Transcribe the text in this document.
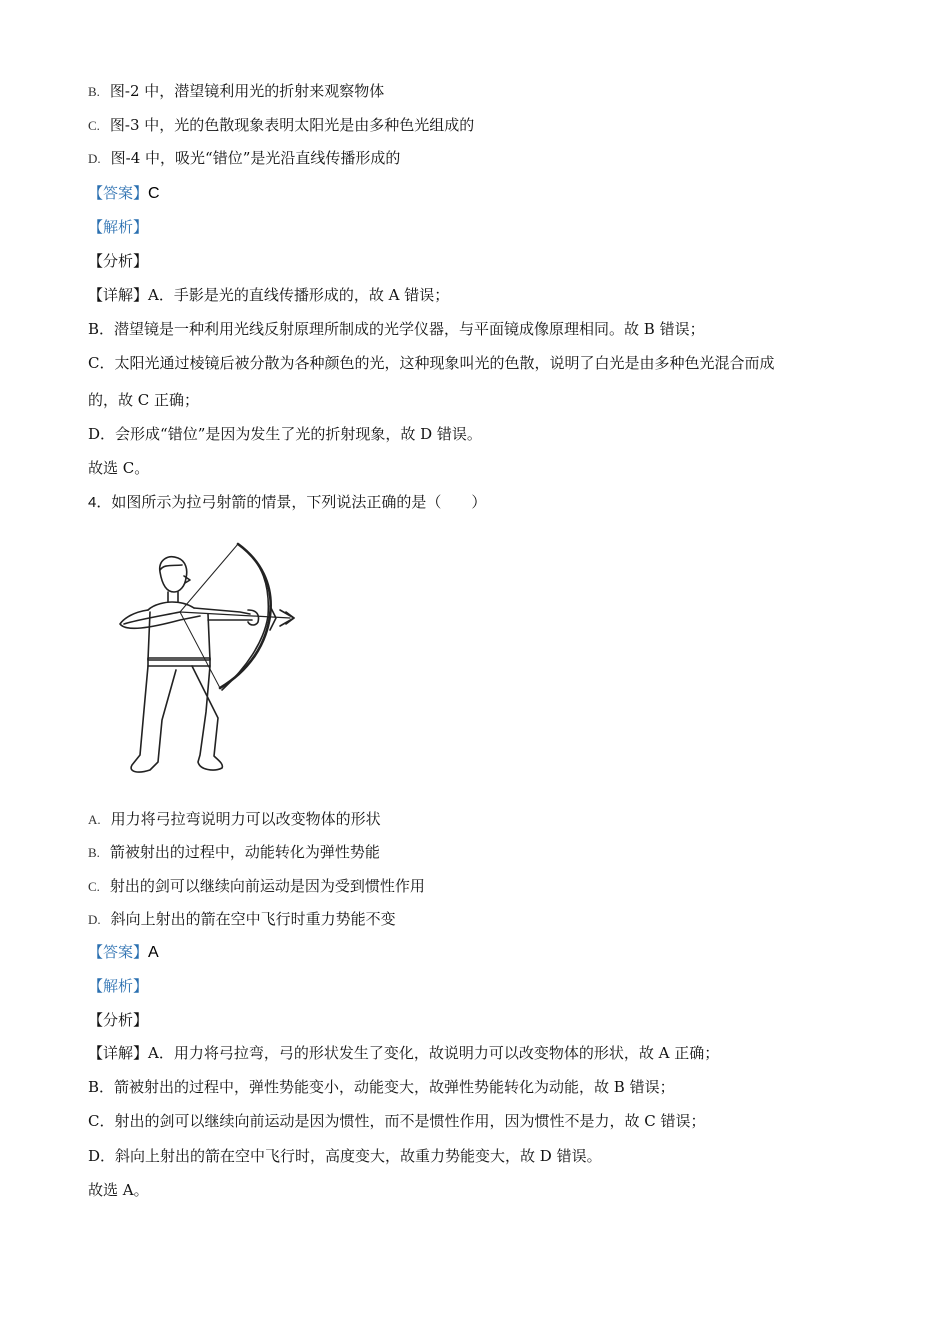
B. 图-2 中，潜望镜利用光的折射来观察物体
C. 图-3 中，光的色散现象表明太阳光是由多种色光组成的
D. 图-4 中，吸光“错位”是光沿直线传播形成的
【答案】C
【解析】
【分析】
【详解】A．手影是光的直线传播形成的，故 A 错误；
B．潜望镜是一种利用光线反射原理所制成的光学仪器，与平面镜成像原理相同。故 B 错误；
C．太阳光通过棱镜后被分散为各种颜色的光，这种现象叫光的色散，说明了白光是由多种色光混合而成
的，故 C 正确；
D．会形成“错位”是因为发生了光的折射现象，故 D 错误。
故选 C。
4．如图所示为拉弓射箭的情景，下列说法正确的是（　　）
A. 用力将弓拉弯说明力可以改变物体的形状
B. 箭被射出的过程中，动能转化为弹性势能
C. 射出的剑可以继续向前运动是因为受到惯性作用
D. 斜向上射出的箭在空中飞行时重力势能不变
【答案】A
【解析】
【分析】
【详解】A．用力将弓拉弯，弓的形状发生了变化，故说明力可以改变物体的形状，故 A 正确；
B．箭被射出的过程中，弹性势能变小，动能变大，故弹性势能转化为动能，故 B 错误；
C．射出的剑可以继续向前运动是因为惯性，而不是惯性作用，因为惯性不是力，故 C 错误；
D．斜向上射出的箭在空中飞行时，高度变大，故重力势能变大，故 D 错误。
故选 A。
